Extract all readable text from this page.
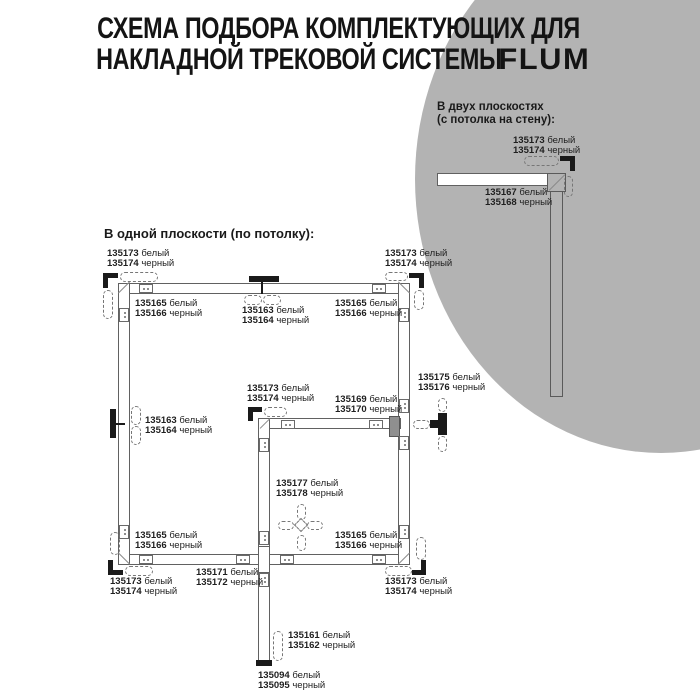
СХЕМА ПОДБОРА КОМПЛЕКТУЮЩИХ ДЛЯ
НАКЛАДНОЙ ТРЕКОВОЙ СИСТЕМЫFLUM
В одной плоскости (по потолку):
В двух плоскостях
(с потолка на стену):
135173 белый
135174 черный
135165 белый
135166 черный	135163 белый
135164 черный
135165 белый
135166 черный
135173 белый
135174 черный
135173 белый
135174 черный 135169 белый
135170 черный
135175 белый
135176 черный
135163 белый
135164 черный
135177 белый
135178 черный
135165 белый
135166 черный
135165 белый
135166 черный
135171 белый
135172 черный
135173 белый
135174 черный
135173 белый
135174 черный
135161 белый
135162 черный
135094 белый
135095 черный
135173 белый
135174 черный
135167 белый
135168 черный
